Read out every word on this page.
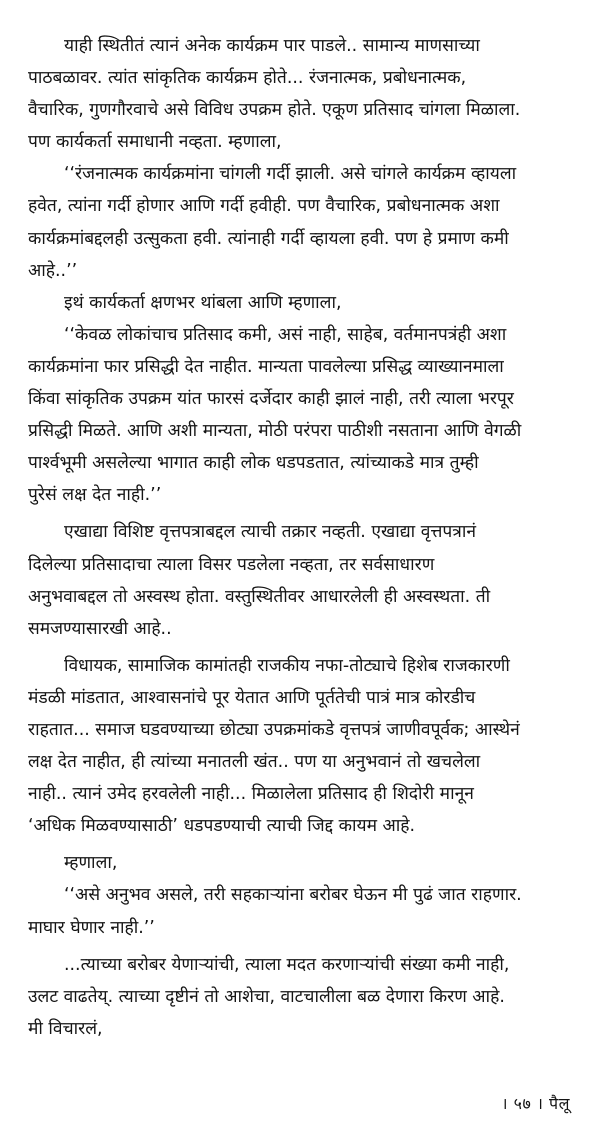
याही स्थितीतं त्यानं अनेक कार्यक्रम पार पाडले.. सामान्य माणसाच्या
पाठबळावर. त्यांत सांकृतिक कार्यक्रम होते... रंजनात्मक, प्रबोधनात्मक,
वैचारिक, गुणगौरवाचे असे विविध उपक्रम होते. एकूण प्रतिसाद चांगला मिळाला.
पण कार्यकर्ता समाधानी नव्हता. म्हणाला,
‘‘रंजनात्मक कार्यक्रमांना चांगली गर्दी झाली. असे चांगले कार्यक्रम व्हायला
हवेत, त्यांना गर्दी होणार आणि गर्दी हवीही. पण वैचारिक, प्रबोधनात्मक अशा
कार्यक्रमांबद्दलही उत्सुकता हवी. त्यांनाही गर्दी व्हायला हवी. पण हे प्रमाण कमी
आहे..’’
इथं कार्यकर्ता क्षणभर थांबला आणि म्हणाला,
‘‘केवळ लोकांचाच प्रतिसाद कमी, असं नाही, साहेब, वर्तमानपत्रंही अशा
कार्यक्रमांना फार प्रसिद्धी देत नाहीत. मान्यता पावलेल्या प्रसिद्ध व्याख्यानमाला
किंवा सांकृतिक उपक्रम यांत फारसं दर्जेदार काही झालं नाही, तरी त्याला भरपूर
प्रसिद्धी मिळते. आणि अशी मान्यता, मोठी परंपरा पाठीशी नसताना आणि वेगळी
पार्श्वभूमी असलेल्या भागात काही लोक धडपडतात, त्यांच्याकडे मात्र तुम्ही
पुरेसं लक्ष देत नाही.’’
एखाद्या विशिष्ट वृत्तपत्राबद्दल त्याची तक्रार नव्हती. एखाद्या वृत्तपत्रानं
दिलेल्या प्रतिसादाचा त्याला विसर पडलेला नव्हता, तर सर्वसाधारण
अनुभवाबद्दल तो अस्वस्थ होता. वस्तुस्थितीवर आधारलेली ही अस्वस्थता. ती
समजण्यासारखी आहे..
विधायक, सामाजिक कामांतही राजकीय नफा-तोट्याचे हिशेब राजकारणी
मंडळी मांडतात, आश्वासनांचे पूर येतात आणि पूर्ततेची पात्रं मात्र कोरडीच
राहतात... समाज घडवण्याच्या छोट्या उपक्रमांकडे वृत्तपत्रं जाणीवपूर्वक; आस्थेनं
लक्ष देत नाहीत, ही त्यांच्या मनातली खंत.. पण या अनुभवानं तो खचलेला
नाही.. त्यानं उमेद हरवलेली नाही... मिळालेला प्रतिसाद ही शिदोरी मानून
‘अधिक मिळवण्यासाठी’ धडपडण्याची त्याची जिद्द कायम आहे.
म्हणाला,
‘‘असे अनुभव असले, तरी सहकाऱ्यांना बरोबर घेऊन मी पुढं जात राहणार.
माघार घेणार नाही.’’
...त्याच्या बरोबर येणाऱ्यांची, त्याला मदत करणाऱ्यांची संख्या कमी नाही,
उलट वाढतेय्. त्याच्या दृष्टीनं तो आशेचा, वाटचालीला बळ देणारा किरण आहे.
मी विचारलं,
। ५७ । पैलू
